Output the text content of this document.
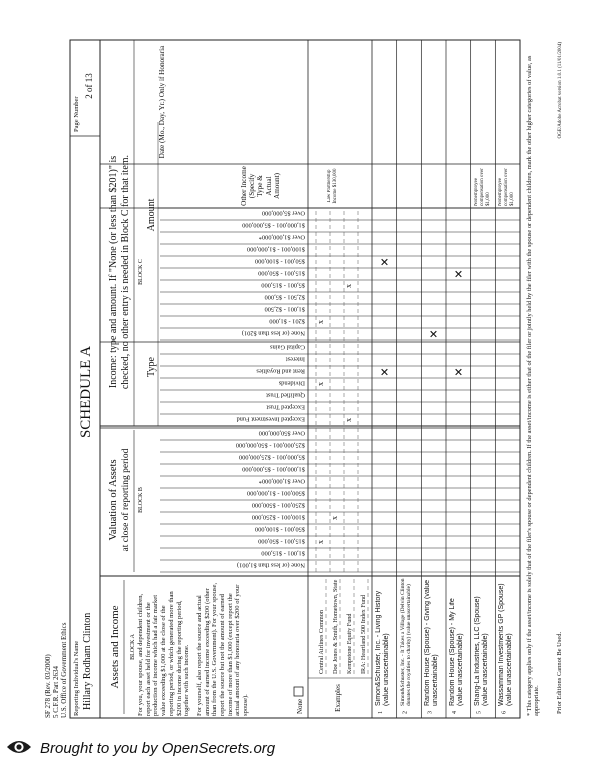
SF 278 (Rev. 03/2000) 5 C.F.R. Part 2634 U.S. Office of Government Ethics Reporting Individual's Name Hillary Rodham Clinton
SCHEDULE A
Page Number
2 of 13
Assets and Income BLOCK A For you, your spouse, and dependent children, report each asset held for investment or the production of income which had a fair market value exceeding $1,000 at the close of the reporting period, or which generated more than $200 in income during the reporting period, together with such income. For yourself, also report the source and actual amount of earned income exceeding $200 (other than from the U.S. Government). For your spouse, report the source but not the amount of earned income of more than $1,000 (except report the actual amount of any honoraria over $200 of your spouse).	None	Examples
Central Airlines Common Doe Jones & Smith, Hometown, State Kempstone Equity Fund IRA: Heartland 500 Index Fund
x
x
x
x
x
x
Law Partnership Income $130,000
Valuation of Assets at close of reporting period BLOCK B
Income: type and amount. If "None (or less than $201)" is checked, no other entry is needed in Block C for that item. BLOCK C
Type
Amount
None (or less than $1,001)
$1,001 - $15,000
$15,001 - $50,000
$50,001 - $100,000
$100,001 - $250,000
$250,001 - $500,000
$500,001 - $1,000,000
Over $1,000,000*
$1,000,001 - $5,000,000
$5,000,001 - $25,000,000
$25,000,001 - $50,000,000
Over $50,000,000
Excepted Investment Fund
Excepted Trust
Qualified Trust
Dividends
Rent and Royalties
Interest
Capital Gains
None (or less than $201)
$201 - $1,000
$1,001 - $2,500
$2,501 - $5,000
$5,001 - $15,000
$15,001 - $50,000
$50,001 - $100,000
$100,001 - $1,000,000
Over $1,000,000*
$1,000,001 - $5,000,000
Over $5,000,000
Other Income (Specify Type & Actual Amount)
Date (Mo., Day, Yr.) Only if Honoraria
1
Simon&Schuster, Inc. - Living History (value unascertainable)
✕
✕
2
Simon&Schuster, Inc. - It Takes a Village (Delvin Clinton donates the royalties to charity) (value unascertainable)
3
Random House (Spouse) - Giving (value unascertainable)
✕
4
Random House (Spouse) - My Life (value unascertainable)
✕
✕
5
Shang-La Industries, LLC (Spouse) (value unascertainable)
Nonemployee compensation over $1,000
6
Wassamman Investments GP (Spouse) (value unascertainable)
Nonemployee compensation over $1,000 * This category applies only if the asset/income is solely that of the filer's spouse or dependent children. If the asset/income is either that of the filer or jointly held by the filer with the spouse or dependent children, mark the other higher categories of value, as appropriate. Prior Editions Cannot Be Used.
OGE/Adobe Acrobat version 1.0.1 (11/01/2004)
Brought to you by OpenSecrets.org
